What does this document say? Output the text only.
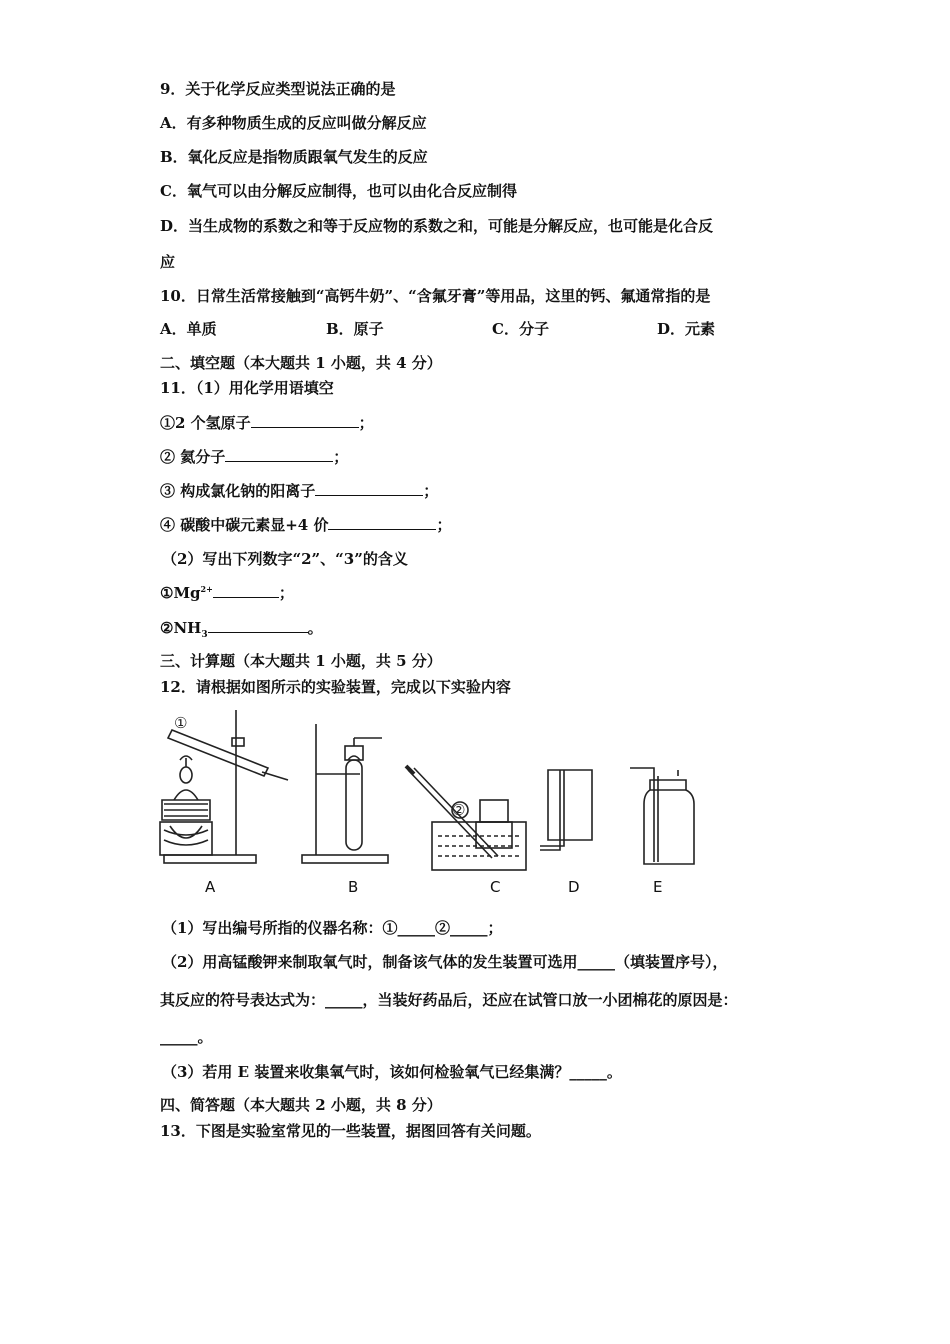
9．关于化学反应类型说法正确的是
A．有多种物质生成的反应叫做分解反应
B．氧化反应是指物质跟氧气发生的反应
C．氧气可以由分解反应制得，也可以由化合反应制得
D．当生成物的系数之和等于反应物的系数之和，可能是分解反应，也可能是化合反
应
10．日常生活常接触到“高钙牛奶”、“含氟牙膏”等用品，这里的钙、氟通常指的是
A．单质	B．原子	C．分子	D．元素
二、填空题（本大题共 1 小题，共 4 分）
11．（1）用化学用语填空
①2 个氢原子	；
② 氦分子	；
③ 构成氯化钠的阳离子	；
④ 碳酸中碳元素显+4 价	；
（2）写出下列数字“2”、“3”的含义
$①Mg^{2+}$	；
$②NH_3$	。
三、计算题（本大题共 1 小题，共 5 分）
12．请根据如图所示的实验装置，完成以下实验内容
①
②
A	B	C	D	E
（1）写出编号所指的仪器名称：①_____②_____；
（2）用高锰酸钾来制取氧气时，制备该气体的发生装置可选用_____（填装置序号），
其反应的符号表达式为：_____，当装好药品后，还应在试管口放一小团棉花的原因是：
_____。
（3）若用 E 装置来收集氧气时，该如何检验氧气已经集满？_____。
四、简答题（本大题共 2 小题，共 8 分）
13．下图是实验室常见的一些装置，据图回答有关问题。
